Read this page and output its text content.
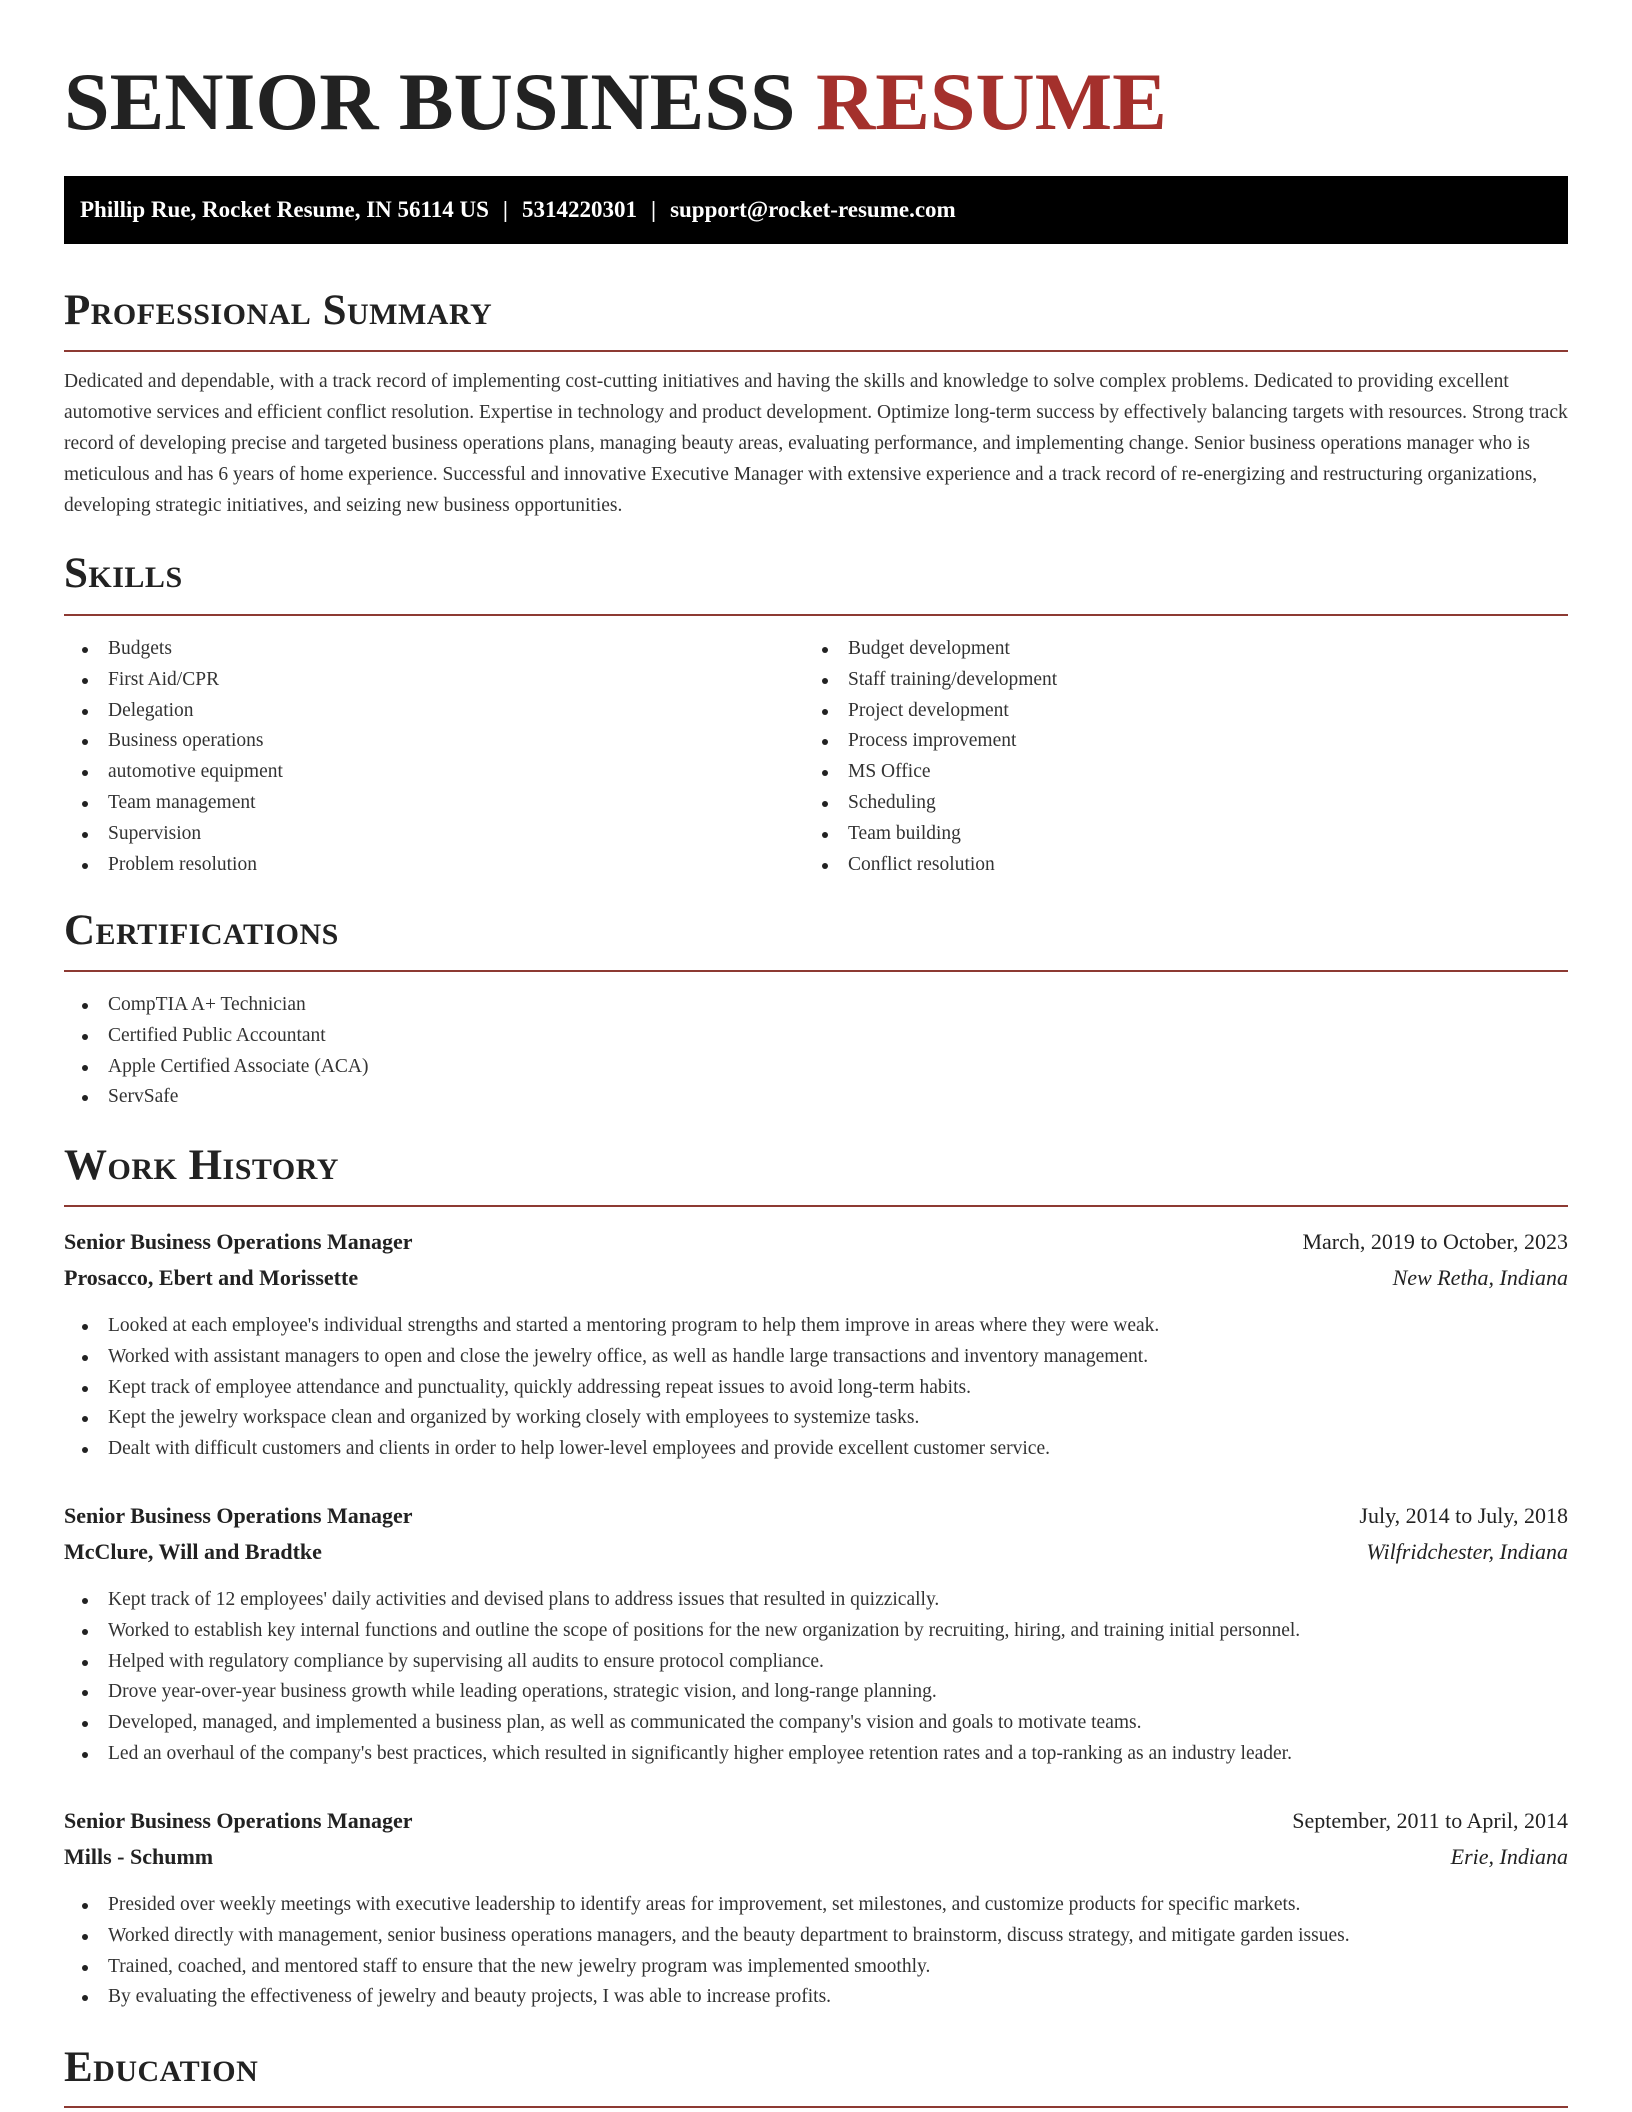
SENIOR BUSINESS RESUME
Phillip Rue, Rocket Resume, IN 56114 US | 5314220301 | support@rocket-resume.com
Professional Summary

Dedicated and dependable, with a track record of implementing cost-cutting initiatives and having the skills and knowledge to solve complex problems. Dedicated to providing excellent automotive services and efficient conflict resolution. Expertise in technology and product development. Optimize long-term success by effectively balancing targets with resources. Strong track record of developing precise and targeted business operations plans, managing beauty areas, evaluating performance, and implementing change. Senior business operations manager who is meticulous and has 6 years of home experience. Successful and innovative Executive Manager with extensive experience and a track record of re-energizing and restructuring organizations, developing strategic initiatives, and seizing new business opportunities.

Skills
Budgets
First Aid/CPR
Delegation
Business operations
automotive equipment
Team management
Supervision
Problem resolution
Budget development
Staff training/development
Project development
Process improvement
MS Office
Scheduling
Team building
Conflict resolution
Certifications
CompTIA A+ Technician
Certified Public Accountant
Apple Certified Associate (ACA)
ServSafe
Work History
Senior Business Operations Manager	March, 2019 to October, 2023
Prosacco, Ebert and Morissette	New Retha, Indiana
Looked at each employee's individual strengths and started a mentoring program to help them improve in areas where they were weak.
Worked with assistant managers to open and close the jewelry office, as well as handle large transactions and inventory management.
Kept track of employee attendance and punctuality, quickly addressing repeat issues to avoid long-term habits.
Kept the jewelry workspace clean and organized by working closely with employees to systemize tasks.
Dealt with difficult customers and clients in order to help lower-level employees and provide excellent customer service.
Senior Business Operations Manager	July, 2014 to July, 2018
McClure, Will and Bradtke	Wilfridchester, Indiana
Kept track of 12 employees' daily activities and devised plans to address issues that resulted in quizzically.
Worked to establish key internal functions and outline the scope of positions for the new organization by recruiting, hiring, and training initial personnel.
Helped with regulatory compliance by supervising all audits to ensure protocol compliance.
Drove year-over-year business growth while leading operations, strategic vision, and long-range planning.
Developed, managed, and implemented a business plan, as well as communicated the company's vision and goals to motivate teams.
Led an overhaul of the company's best practices, which resulted in significantly higher employee retention rates and a top-ranking as an industry leader.
Senior Business Operations Manager	September, 2011 to April, 2014
Mills - Schumm	Erie, Indiana
Presided over weekly meetings with executive leadership to identify areas for improvement, set milestones, and customize products for specific markets.
Worked directly with management, senior business operations managers, and the beauty department to brainstorm, discuss strategy, and mitigate garden issues.
Trained, coached, and mentored staff to ensure that the new jewelry program was implemented smoothly.
By evaluating the effectiveness of jewelry and beauty projects, I was able to increase profits.
Education
